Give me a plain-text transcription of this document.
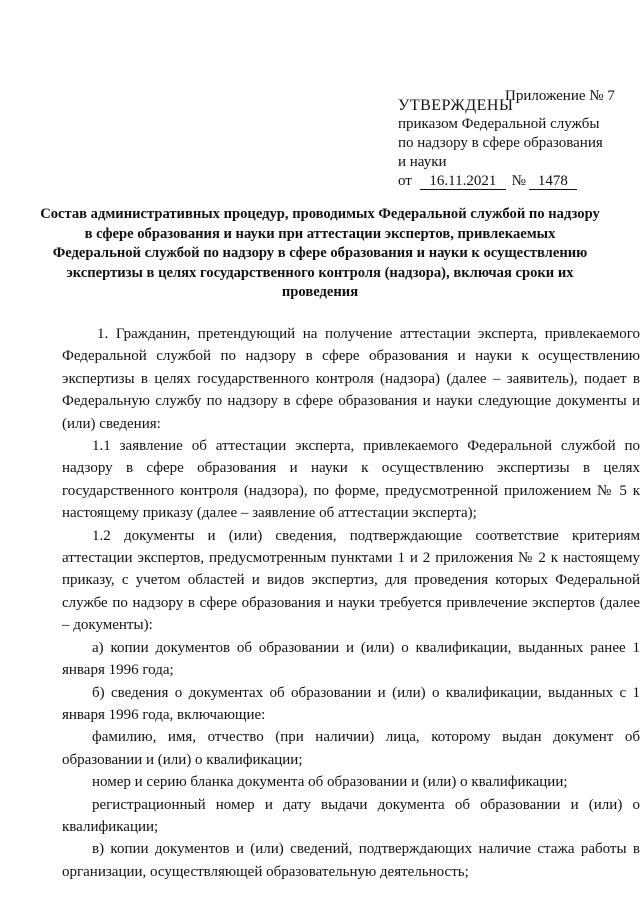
Приложение № 7
УТВЕРЖДЕНЫ
приказом Федеральной службы
по надзору в сфере образования
и науки
от 16.11.2021 № 1478
Состав административных процедур, проводимых Федеральной службой по надзору в сфере образования и науки при аттестации экспертов, привлекаемых Федеральной службой по надзору в сфере образования и науки к осуществлению экспертизы в целях государственного контроля (надзора), включая сроки их проведения

1. Гражданин, претендующий на получение аттестации эксперта, привлекаемого Федеральной службой по надзору в сфере образования и науки к осуществлению экспертизы в целях государственного контроля (надзора) (далее – заявитель), подает в Федеральную службу по надзору в сфере образования и науки следующие документы и (или) сведения:

1.1 заявление об аттестации эксперта, привлекаемого Федеральной службой по надзору в сфере образования и науки к осуществлению экспертизы в целях государственного контроля (надзора), по форме, предусмотренной приложением № 5 к настоящему приказу (далее – заявление об аттестации эксперта);

1.2 документы и (или) сведения, подтверждающие соответствие критериям аттестации экспертов, предусмотренным пунктами 1 и 2 приложения № 2 к настоящему приказу, с учетом областей и видов экспертиз, для проведения которых Федеральной службе по надзору в сфере образования и науки требуется привлечение экспертов (далее – документы):

а) копии документов об образовании и (или) о квалификации, выданных ранее 1 января 1996 года;

б) сведения о документах об образовании и (или) о квалификации, выданных с 1 января 1996 года, включающие:

фамилию, имя, отчество (при наличии) лица, которому выдан документ об образовании и (или) о квалификации;

номер и серию бланка документа об образовании и (или) о квалификации;

регистрационный номер и дату выдачи документа об образовании и (или) о квалификации;

в) копии документов и (или) сведений, подтверждающих наличие стажа работы в организации, осуществляющей образовательную деятельность;
